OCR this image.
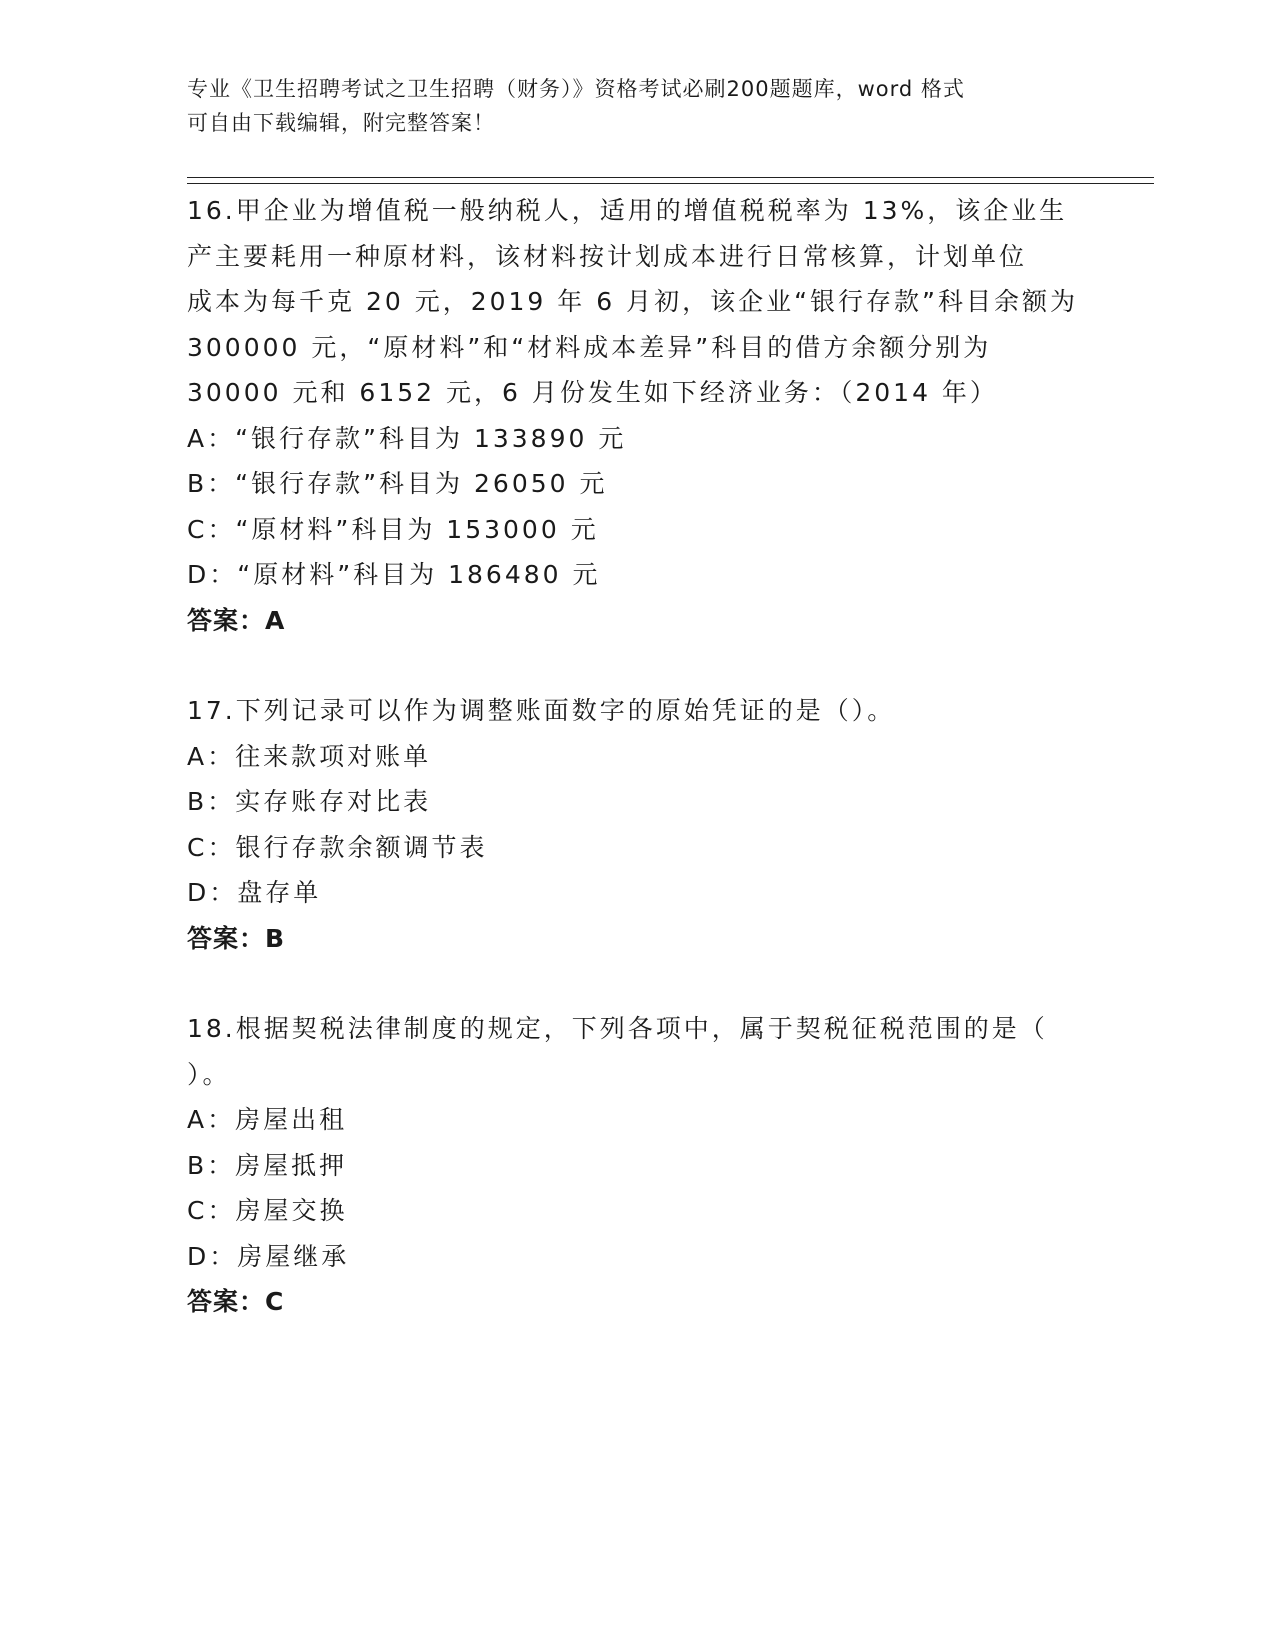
专业《卫生招聘考试之卫生招聘（财务）》资格考试必刷200题题库，word 格式
可自由下载编辑，附完整答案！
16.甲企业为增值税一般纳税人，适用的增值税税率为 13%，该企业生
产主要耗用一种原材料，该材料按计划成本进行日常核算，计划单位
成本为每千克 20 元，2019 年 6 月初，该企业“银行存款”科目余额为
300000 元，“原材料”和“材料成本差异”科目的借方余额分别为
30000 元和 6152 元，6 月份发生如下经济业务：（2014 年）
A：“银行存款”科目为 133890 元
B：“银行存款”科目为 26050 元
C：“原材料”科目为 153000 元
D：“原材料”科目为 186480 元
答案：A
17.下列记录可以作为调整账面数字的原始凭证的是（）。
A：往来款项对账单
B：实存账存对比表
C：银行存款余额调节表
D：盘存单
答案：B
18.根据契税法律制度的规定，下列各项中，属于契税征税范围的是（
）。
A：房屋出租
B：房屋抵押
C：房屋交换
D：房屋继承
答案：C
